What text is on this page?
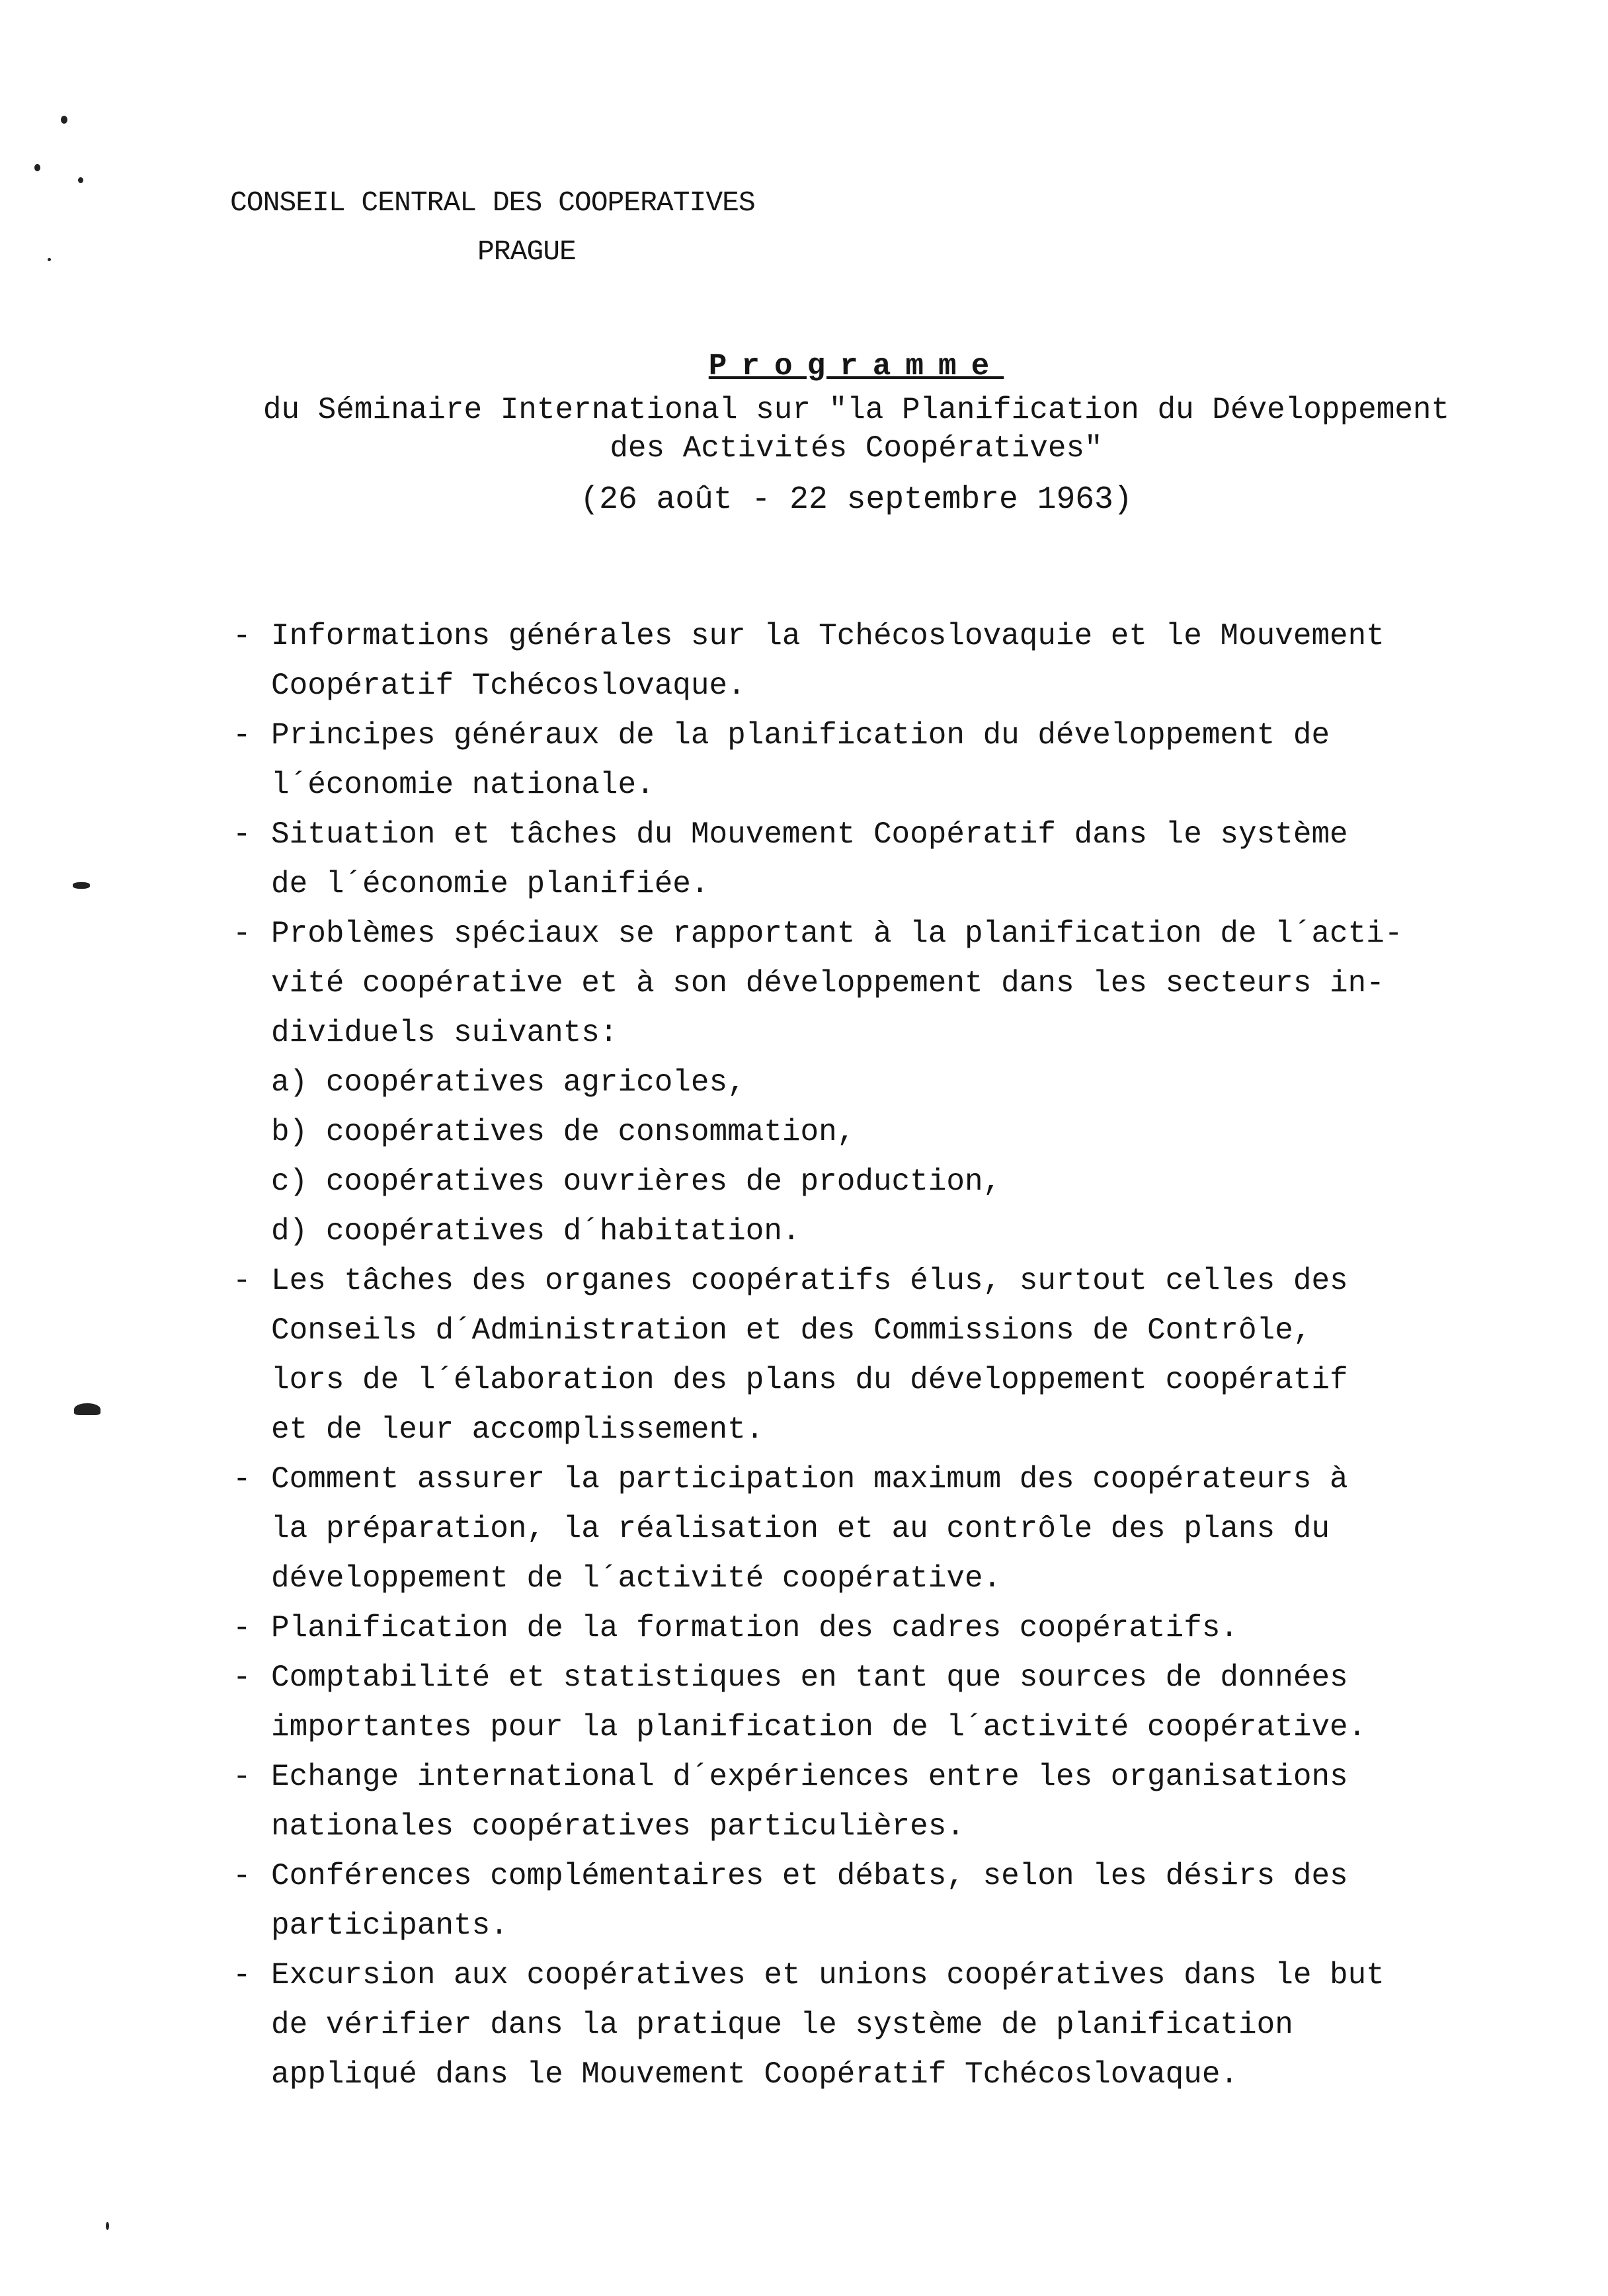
CONSEIL CENTRAL DES COOPERATIVES
PRAGUE
Programme
du Séminaire International sur "la Planification du Développement
des Activités Coopératives"
(26 août - 22 septembre 1963)
- Informations générales sur la Tchécoslovaquie et le Mouvement
Coopératif Tchécoslovaque.
- Principes généraux de la planification du développement de
l´économie nationale.
- Situation et tâches du Mouvement Coopératif dans le système
de l´économie planifiée.
- Problèmes spéciaux se rapportant à la planification de l´acti-
vité coopérative et à son développement dans les secteurs in-
dividuels suivants:
a) coopératives agricoles,
b) coopératives de consommation,
c) coopératives ouvrières de production,
d) coopératives d´habitation.
- Les tâches des organes coopératifs élus, surtout celles des
Conseils d´Administration et des Commissions de Contrôle,
lors de l´élaboration des plans du développement coopératif
et de leur accomplissement.
- Comment assurer la participation maximum des coopérateurs à
la préparation, la réalisation et au contrôle des plans du
développement de l´activité coopérative.
- Planification de la formation des cadres coopératifs.
- Comptabilité et statistiques en tant que sources de données
importantes pour la planification de l´activité coopérative.
- Echange international d´expériences entre les organisations
nationales coopératives particulières.
- Conférences complémentaires et débats, selon les désirs des
participants.
- Excursion aux coopératives et unions coopératives dans le but
de vérifier dans la pratique le système de planification
appliqué dans le Mouvement Coopératif Tchécoslovaque.
